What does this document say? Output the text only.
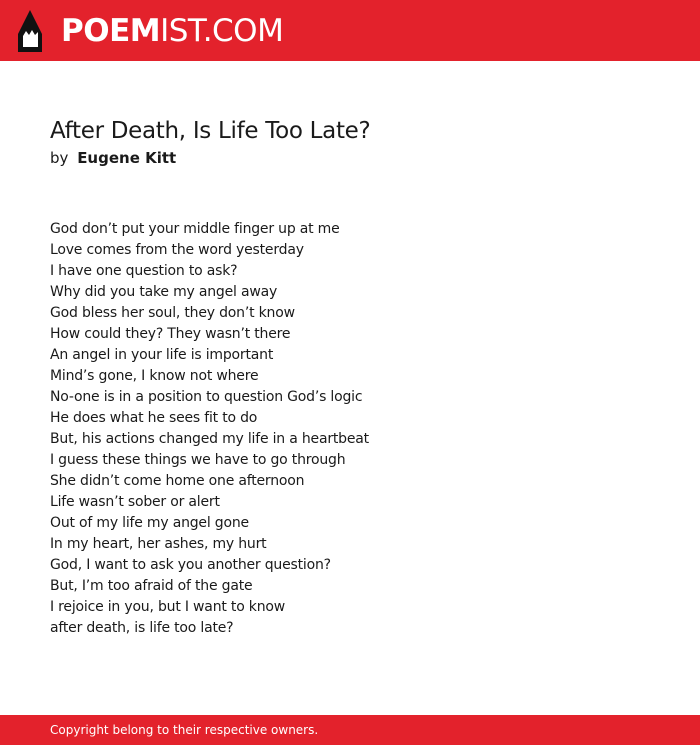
POEMIST.COM
After Death, Is Life Too Late?
by Eugene Kitt
God don’t put your middle finger up at me
Love comes from the word yesterday
I have one question to ask?
Why did you take my angel away
God bless her soul, they don’t know
How could they? They wasn’t there
An angel in your life is important
Mind’s gone, I know not where
No-one is in a position to question God’s logic
He does what he sees fit to do
But, his actions changed my life in a heartbeat
I guess these things we have to go through
She didn’t come home one afternoon
Life wasn’t sober or alert
Out of my life my angel gone
In my heart, her ashes, my hurt
God, I want to ask you another question?
But, I’m too afraid of the gate
I rejoice in you, but I want to know
after death, is life too late?
Copyright belong to their respective owners.
